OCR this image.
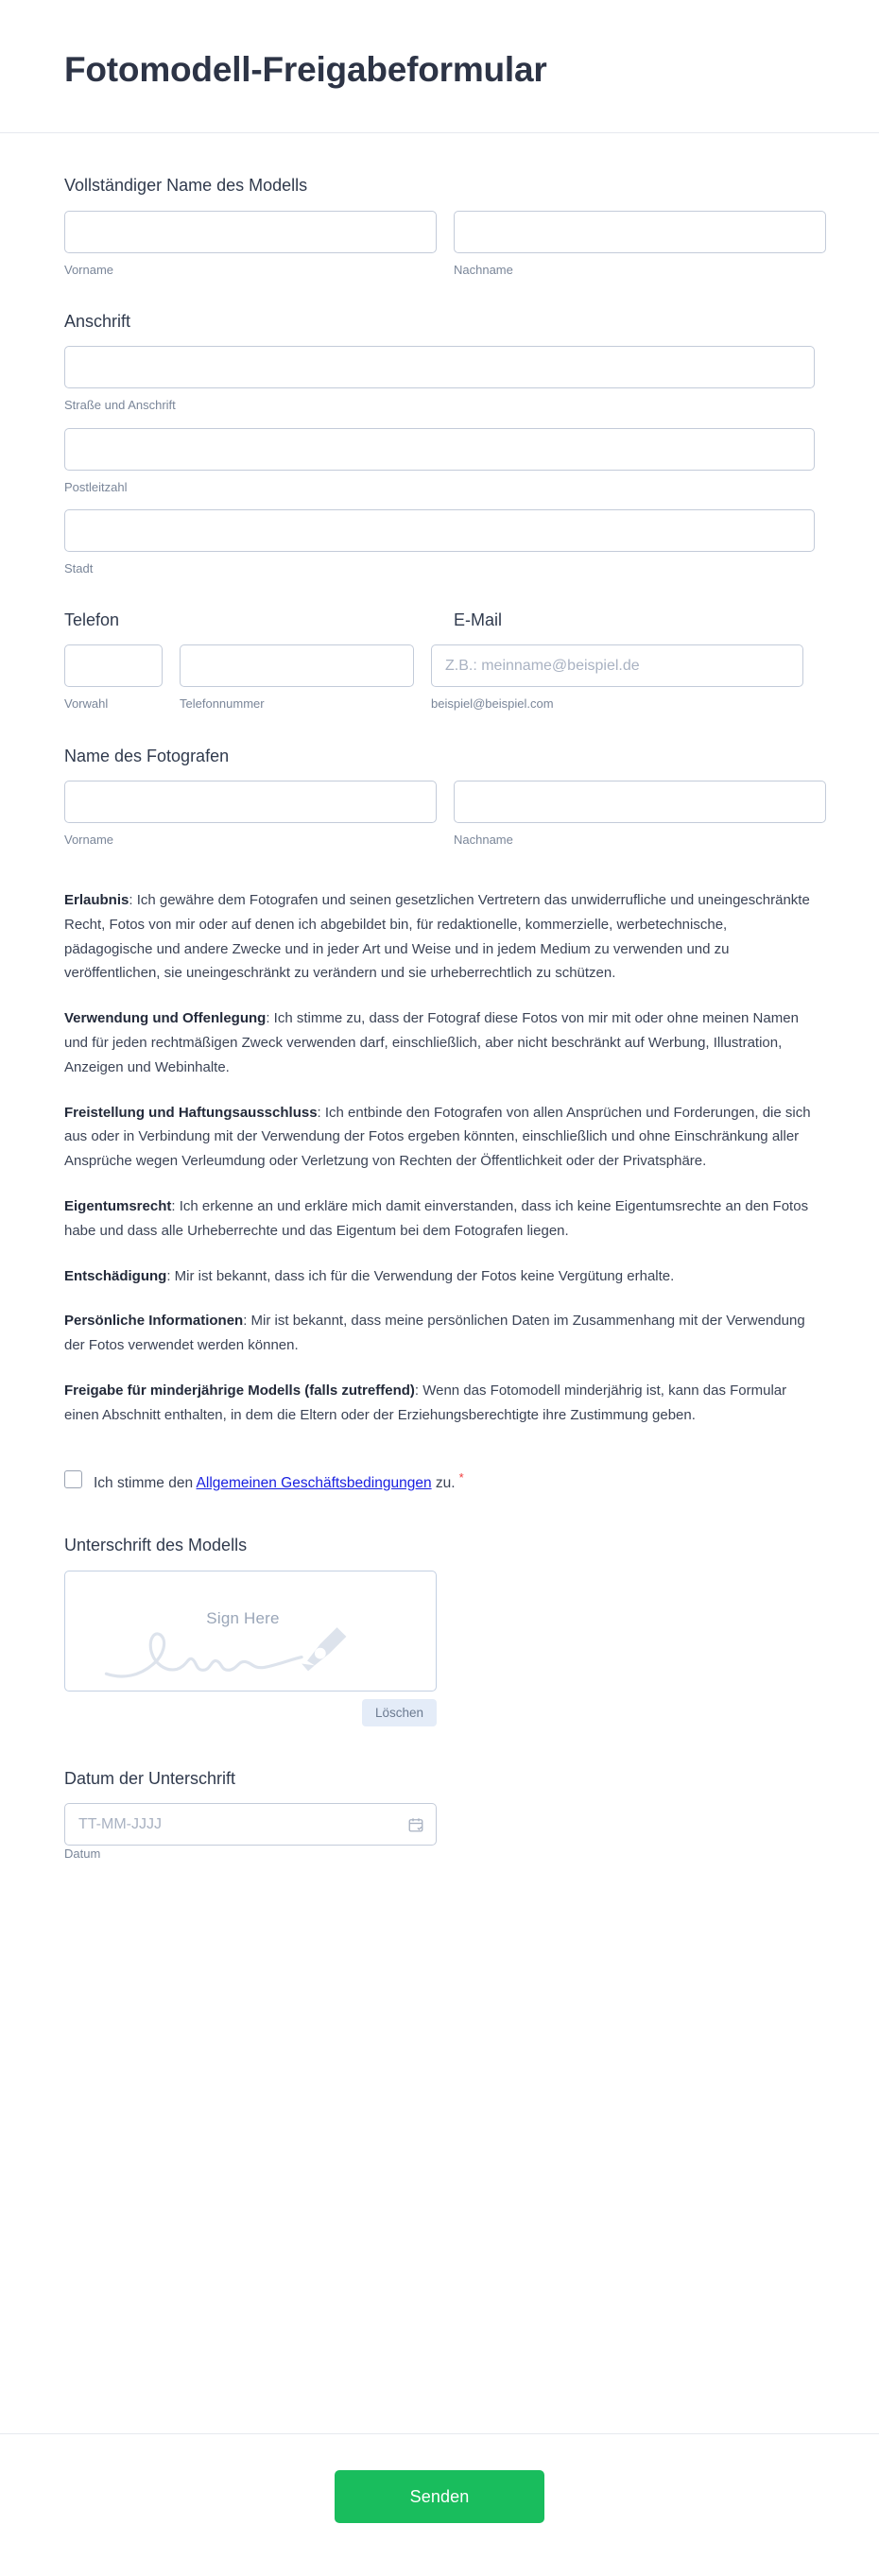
Fotomodell-Freigabeformular
Vollständiger Name des Modells
Vorname	Nachname
Anschrift
Straße und Anschrift
Postleitzahl
Stadt
Telefon	E-Mail
Vorwahl	Telefonnummer
Z.B.: meinname@beispiel.de	beispiel@beispiel.com
Name des Fotografen
Vorname	Nachname

Erlaubnis: Ich gewähre dem Fotografen und seinen gesetzlichen Vertretern das unwiderrufliche und uneingeschränkte Recht, Fotos von mir oder auf denen ich abgebildet bin, für redaktionelle, kommerzielle, werbetechnische, pädagogische und andere Zwecke und in jeder Art und Weise und in jedem Medium zu verwenden und zu veröffentlichen, sie uneingeschränkt zu verändern und sie urheberrechtlich zu schützen.

Verwendung und Offenlegung: Ich stimme zu, dass der Fotograf diese Fotos von mir mit oder ohne meinen Namen und für jeden rechtmäßigen Zweck verwenden darf, einschließlich, aber nicht beschränkt auf Werbung, Illustration, Anzeigen und Webinhalte.

Freistellung und Haftungsausschluss: Ich entbinde den Fotografen von allen Ansprüchen und Forderungen, die sich aus oder in Verbindung mit der Verwendung der Fotos ergeben könnten, einschließlich und ohne Einschränkung aller Ansprüche wegen Verleumdung oder Verletzung von Rechten der Öffentlichkeit oder der Privatsphäre.

Eigentumsrecht: Ich erkenne an und erkläre mich damit einverstanden, dass ich keine Eigentumsrechte an den Fotos habe und dass alle Urheberrechte und das Eigentum bei dem Fotografen liegen.

Entschädigung: Mir ist bekannt, dass ich für die Verwendung der Fotos keine Vergütung erhalte.

Persönliche Informationen: Mir ist bekannt, dass meine persönlichen Daten im Zusammenhang mit der Verwendung der Fotos verwendet werden können.

Freigabe für minderjährige Modells (falls zutreffend): Wenn das Fotomodell minderjährig ist, kann das Formular einen Abschnitt enthalten, in dem die Eltern oder der Erziehungsberechtigte ihre Zustimmung geben.

Ich stimme den Allgemeinen Geschäftsbedingungen zu. *
Unterschrift des Modells
Sign Here
Löschen
Datum der Unterschrift
TT-MM-JJJJ
Datum
Senden
